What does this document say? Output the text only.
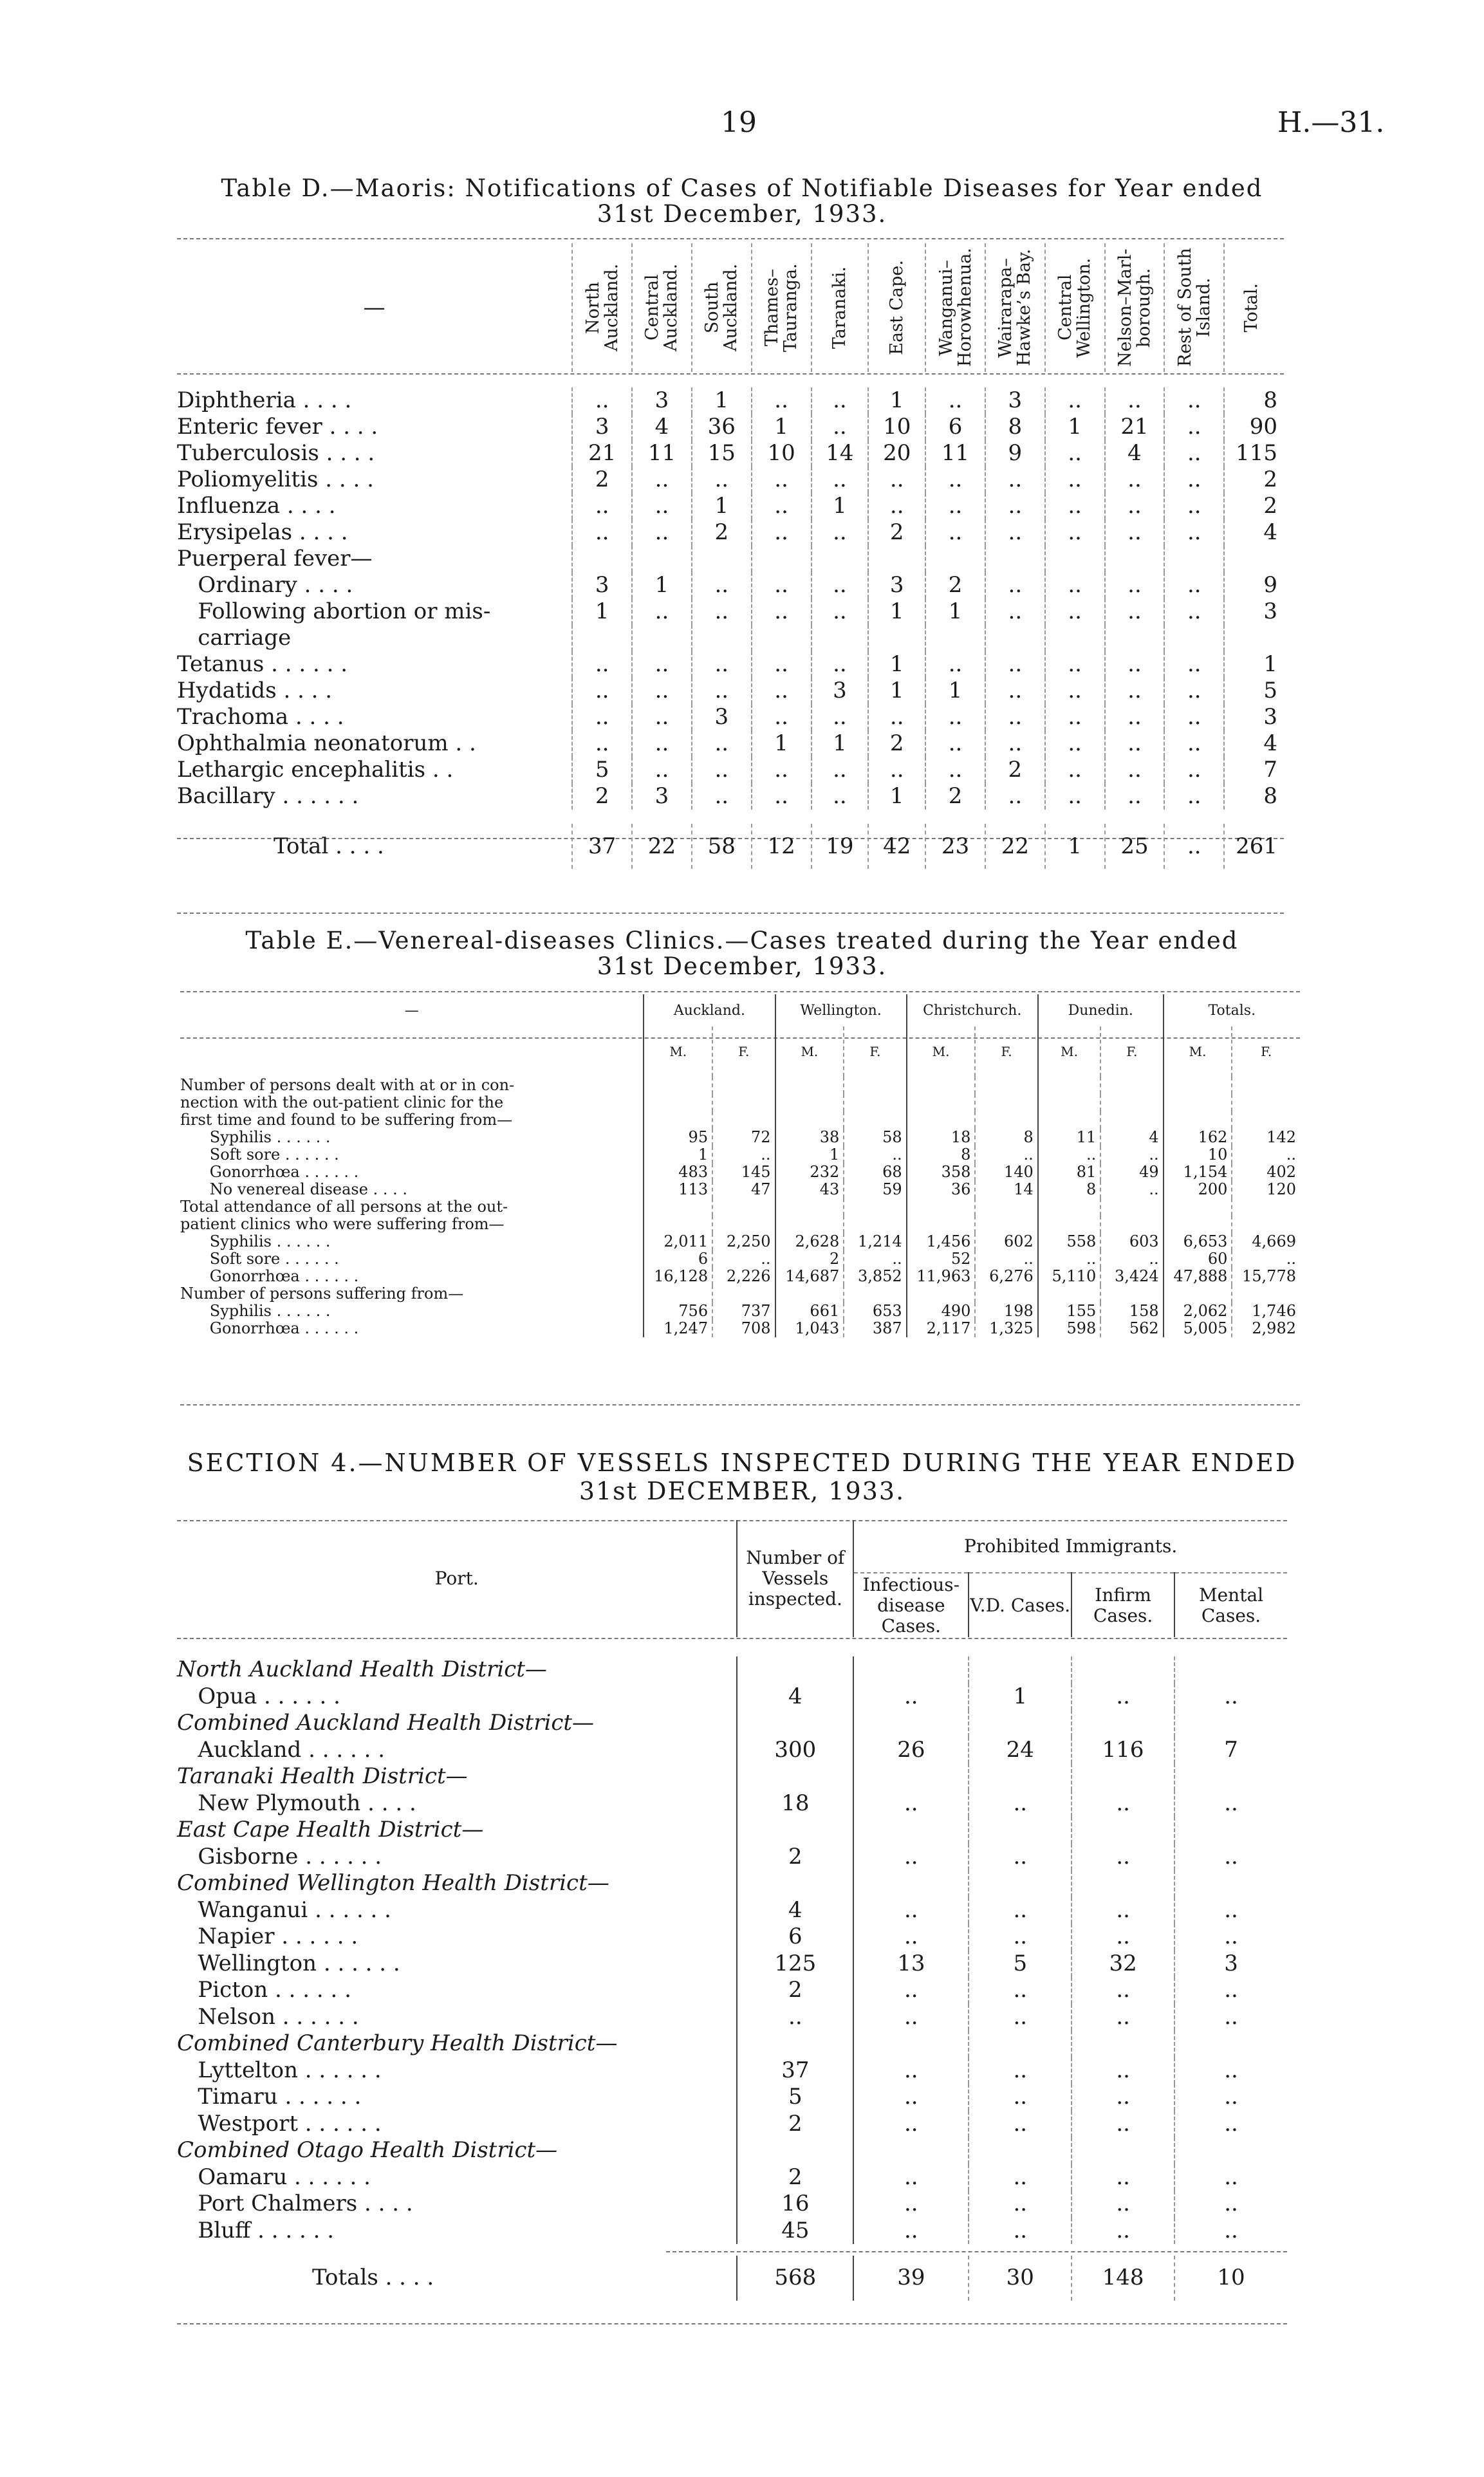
19	H.—31.
Table D.—Maoris: Notifications of Cases of Notifiable Diseases for Year ended
31st December, 1933.
—	North Auckland.	Central Auckland.	South Auckland.	Thames–Tauranga.	Taranaki.	East Cape.	Wanganui–Horowhenua.	Wairarapa–Hawke’s Bay.	Central Wellington.	Nelson–Marl-borough.	Rest of South Island.	Total.

Diphtheria . . . .	..	3	1	..	..	1	..	3	..	..	..	8
Enteric fever . . . .	3	4	36	1	..	10	6	8	1	21	..	90
Tuberculosis . . . .	21	11	15	10	14	20	11	9	..	4	..	115
Poliomyelitis . . . .	2	..	..	..	..	..	..	..	..	..	..	2
Influenza . . . .	..	..	1	..	1	..	..	..	..	..	..	2
Erysipelas . . . .	..	..	2	..	..	2	..	..	..	..	..	4
Puerperal fever—												
Ordinary . . . .	3	1	..	..	..	3	2	..	..	..	..	9
Following abortion or mis-	1	..	..	..	..	1	1	..	..	..	..	3
carriage												
Tetanus . . . . . .	..	..	..	..	..	1	..	..	..	..	..	1
Hydatids . . . .	..	..	..	..	3	1	1	..	..	..	..	5
Trachoma . . . .	..	..	3	..	..	..	..	..	..	..	..	3
Ophthalmia neonatorum . .	..	..	..	1	1	2	..	..	..	..	..	4
Lethargic encephalitis . .	5	..	..	..	..	..	..	2	..	..	..	7
Bacillary . . . . . .	2	3	..	..	..	1	2	..	..	..	..	8

Total . . . .	37	22	58	12	19	42	23	22	1	25	..	261
Table E.—Venereal-diseases Clinics.—Cases treated during the Year ended
31st December, 1933.
—	Auckland.		Wellington.		Christchurch.		Dunedin.		Totals.	
	M.	F.	M.	F.	M.	F.	M.	F.	M.	F.
Number of persons dealt with at or in con-										
nection with the out-patient clinic for the										
first time and found to be suffering from—										
Syphilis . . . . . .	95	72	38	58	18	8	11	4	162	142
Soft sore . . . . . .	1	..	1	..	8	..	..	..	10	..
Gonorrhœa . . . . . .	483	145	232	68	358	140	81	49	1,154	402
No venereal disease . . . .	113	47	43	59	36	14	8	..	200	120
Total attendance of all persons at the out-										
patient clinics who were suffering from—										
Syphilis . . . . . .	2,011	2,250	2,628	1,214	1,456	602	558	603	6,653	4,669
Soft sore . . . . . .	6	..	2	..	52	..	..	..	60	..
Gonorrhœa . . . . . .	16,128	2,226	14,687	3,852	11,963	6,276	5,110	3,424	47,888	15,778
Number of persons suffering from—										
Syphilis . . . . . .	756	737	661	653	490	198	155	158	2,062	1,746
Gonorrhœa . . . . . .	1,247	708	1,043	387	2,117	1,325	598	562	5,005	2,982
SECTION 4.—NUMBER OF VESSELS INSPECTED DURING THE YEAR ENDED
31st DECEMBER, 1933.
Port.	Number of Vessels inspected.	Prohibited Immigrants.			
		Infectious-disease Cases.	V.D. Cases.	Infirm Cases.	Mental Cases.

North Auckland Health District—					
Opua . . . . . .	4	..	1	..	..
Combined Auckland Health District—					
Auckland . . . . . .	300	26	24	116	7
Taranaki Health District—					
New Plymouth . . . .	18	..	..	..	..
East Cape Health District—					
Gisborne . . . . . .	2	..	..	..	..
Combined Wellington Health District—					
Wanganui . . . . . .	4	..	..	..	..
Napier . . . . . .	6	..	..	..	..
Wellington . . . . . .	125	13	5	32	3
Picton . . . . . .	2	..	..	..	..
Nelson . . . . . .	..	..	..	..	..
Combined Canterbury Health District—					
Lyttelton . . . . . .	37	..	..	..	..
Timaru . . . . . .	5	..	..	..	..
Westport . . . . . .	2	..	..	..	..
Combined Otago Health District—					
Oamaru . . . . . .	2	..	..	..	..
Port Chalmers . . . .	16	..	..	..	..
Bluff . . . . . .	45	..	..	..	..

Totals . . . .	568	39	30	148	10
